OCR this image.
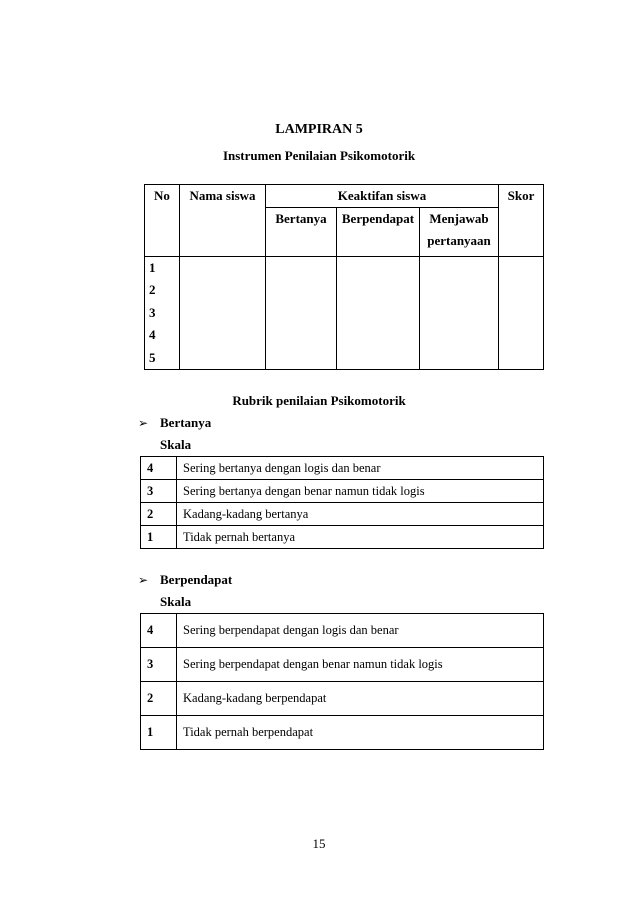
LAMPIRAN 5
Instrumen Penilaian Psikomotorik
No	Nama siswa	Keaktifan siswa			Skor
		Bertanya	Berpendapat	Menjawab
pertanyaan	

1
2
3
4
5					

Rubrik penilaian Psikomotorik
➢ Bertanya
Skala
4	Sering bertanya dengan logis dan benar
3	Sering bertanya dengan benar namun tidak logis
2	Kadang-kadang bertanya
1	Tidak pernah bertanya
➢ Berpendapat
Skala
4	Sering berpendapat dengan logis dan benar
3	Sering berpendapat dengan benar namun tidak logis
2	Kadang-kadang berpendapat
1	Tidak pernah berpendapat
15
